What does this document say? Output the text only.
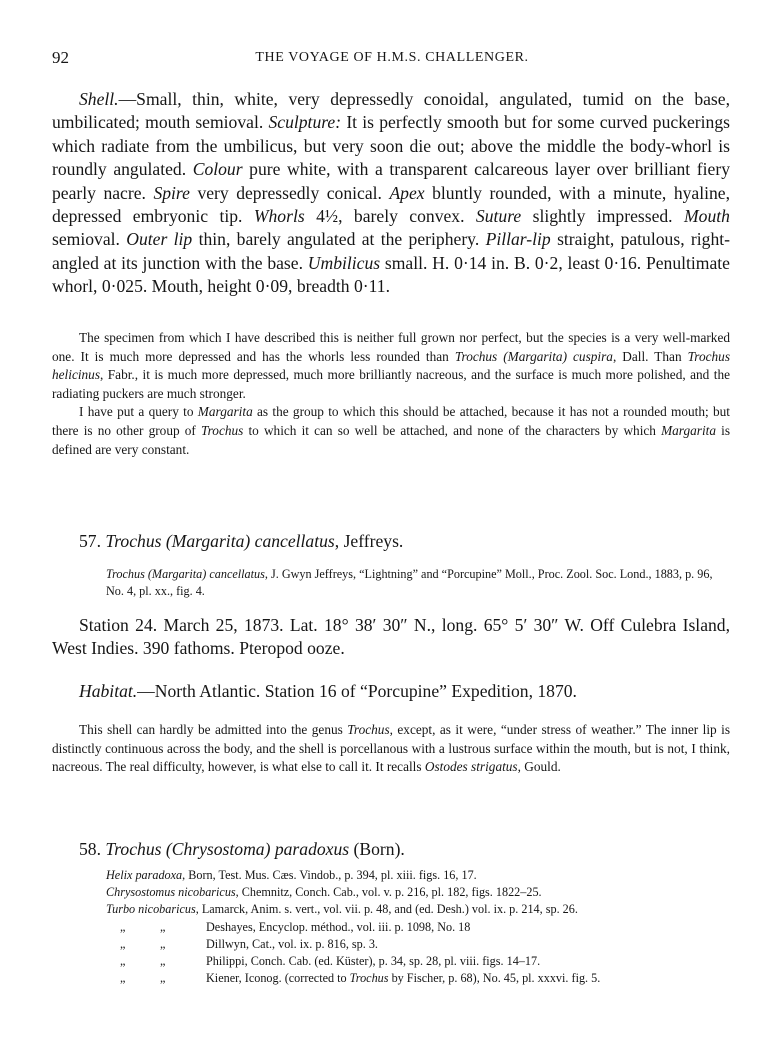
92	THE VOYAGE OF H.M.S. CHALLENGER.

Shell.—Small, thin, white, very depressedly conoidal, angulated, tumid on the base, umbilicated; mouth semioval. Sculpture: It is perfectly smooth but for some curved puckerings which radiate from the umbilicus, but very soon die out; above the middle the body-whorl is roundly angulated. Colour pure white, with a transparent calcareous layer over brilliant fiery pearly nacre. Spire very depressedly conical. Apex bluntly rounded, with a minute, hyaline, depressed embryonic tip. Whorls 4½, barely convex. Suture slightly impressed. Mouth semioval. Outer lip thin, barely angulated at the periphery. Pillar-lip straight, patulous, right-angled at its junction with the base. Umbilicus small. H. 0·14 in. B. 0·2, least 0·16. Penultimate whorl, 0·025. Mouth, height 0·09, breadth 0·11.

The specimen from which I have described this is neither full grown nor perfect, but the species is a very well-marked one. It is much more depressed and has the whorls less rounded than Trochus (Margarita) cuspira, Dall. Than Trochus helicinus, Fabr., it is much more depressed, much more brilliantly nacreous, and the surface is much more polished, and the radiating puckers are much stronger.

I have put a query to Margarita as the group to which this should be attached, because it has not a rounded mouth; but there is no other group of Trochus to which it can so well be attached, and none of the characters by which Margarita is defined are very constant.

57. Trochus (Margarita) cancellatus, Jeffreys.
Trochus (Margarita) cancellatus, J. Gwyn Jeffreys, “Lightning” and “Porcupine” Moll., Proc. Zool. Soc. Lond., 1883, p. 96, No. 4, pl. xx., fig. 4.

Station 24. March 25, 1873. Lat. 18° 38′ 30″ N., long. 65° 5′ 30″ W. Off Culebra Island, West Indies. 390 fathoms. Pteropod ooze.

Habitat.—North Atlantic. Station 16 of “Porcupine” Expedition, 1870.

This shell can hardly be admitted into the genus Trochus, except, as it were, “under stress of weather.” The inner lip is distinctly continuous across the body, and the shell is porcellanous with a lustrous surface within the mouth, but is not, I think, nacreous. The real difficulty, however, is what else to call it. It recalls Ostodes strigatus, Gould.

58. Trochus (Chrysostoma) paradoxus (Born).
Helix paradoxa, Born, Test. Mus. Cæs. Vindob., p. 394, pl. xiii. figs. 16, 17.
Chrysostomus nicobaricus, Chemnitz, Conch. Cab., vol. v. p. 216, pl. 182, figs. 1822–25.
Turbo nicobaricus, Lamarck, Anim. s. vert., vol. vii. p. 48, and (ed. Desh.) vol. ix. p. 214, sp. 26.
„	„	Deshayes, Encyclop. méthod., vol. iii. p. 1098, No. 18
„	„	Dillwyn, Cat., vol. ix. p. 816, sp. 3.
„	„	Philippi, Conch. Cab. (ed. Küster), p. 34, sp. 28, pl. viii. figs. 14–17.
„	„	Kiener, Iconog. (corrected to Trochus by Fischer, p. 68), No. 45, pl. xxxvi. fig. 5.
